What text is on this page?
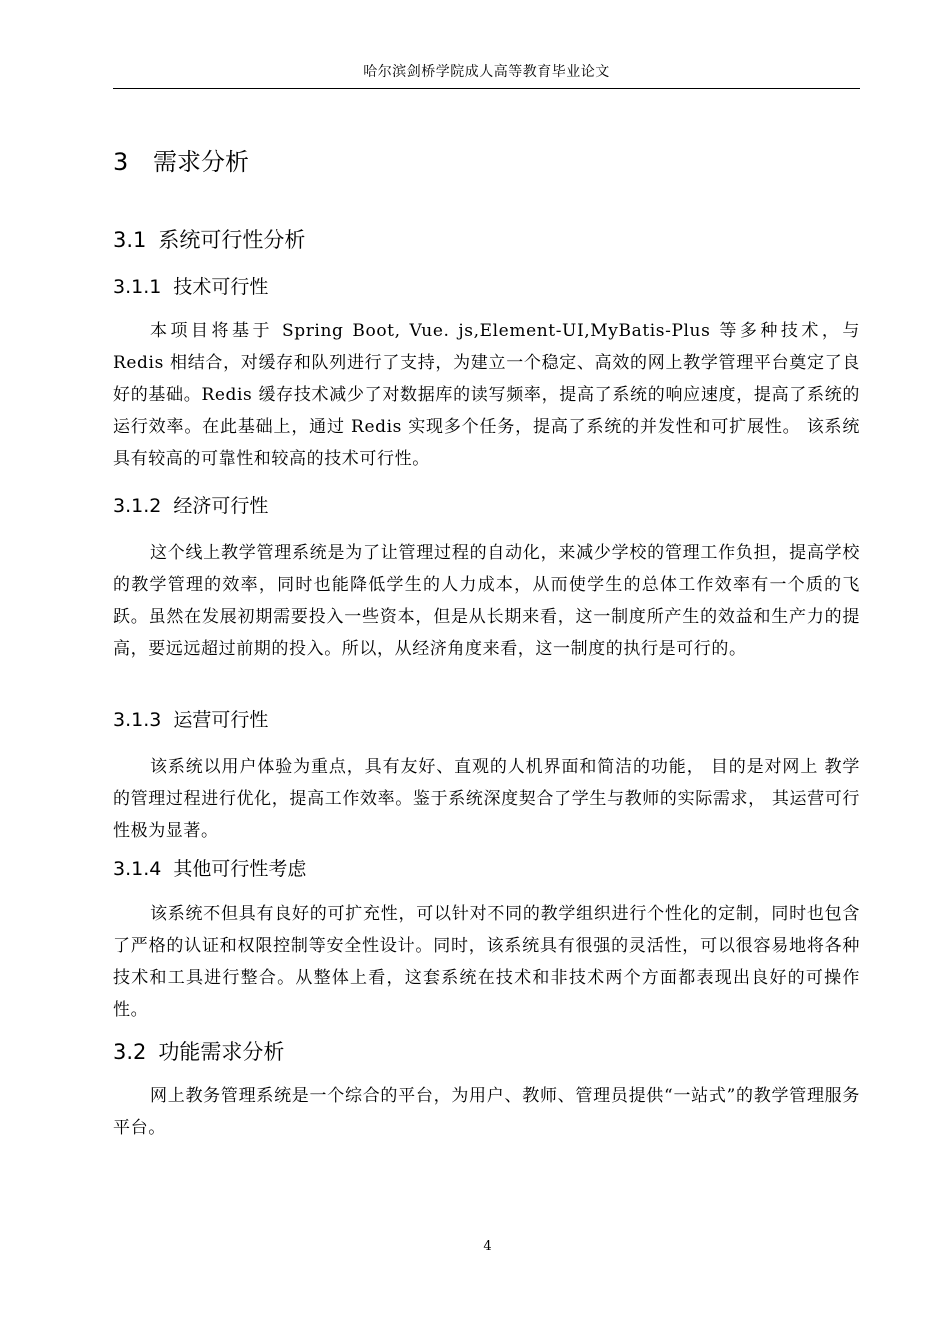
哈尔滨剑桥学院成人高等教育毕业论文
3 需求分析
3.1 系统可行性分析
3.1.1 技术可行性

本项目将基于 Spring Boot, Vue. js,Element-UI,MyBatis-Plus 等多种技术，与 Redis 相结合，对缓存和队列进行了支持，为建立一个稳定、高效的网上教学管理平台奠定了良好的基础。Redis 缓存技术减少了对数据库的读写频率，提高了系统的响应速度，提高了系统的运行效率。在此基础上，通过 Redis 实现多个任务，提高了系统的并发性和可扩展性。 该系统具有较高的可靠性和较高的技术可行性。

3.1.2 经济可行性

这个线上教学管理系统是为了让管理过程的自动化，来减少学校的管理工作负担，提高学校的教学管理的效率，同时也能降低学生的人力成本，从而使学生的总体工作效率有一个质的飞跃。虽然在发展初期需要投入一些资本，但是从长期来看，这一制度所产生的效益和生产力的提高，要远远超过前期的投入。所以，从经济角度来看，这一制度的执行是可行的。

3.1.3 运营可行性

该系统以用户体验为重点，具有友好、直观的人机界面和简洁的功能， 目的是对网上 教学的管理过程进行优化，提高工作效率。鉴于系统深度契合了学生与教师的实际需求， 其运营可行性极为显著。

3.1.4 其他可行性考虑

该系统不但具有良好的可扩充性，可以针对不同的教学组织进行个性化的定制，同时也包含了严格的认证和权限控制等安全性设计。同时，该系统具有很强的灵活性，可以很容易地将各种技术和工具进行整合。从整体上看，这套系统在技术和非技术两个方面都表现出良好的可操作性。

3.2 功能需求分析

网上教务管理系统是一个综合的平台，为用户、教师、管理员提供“一站式”的教学管理服务平台。

4
